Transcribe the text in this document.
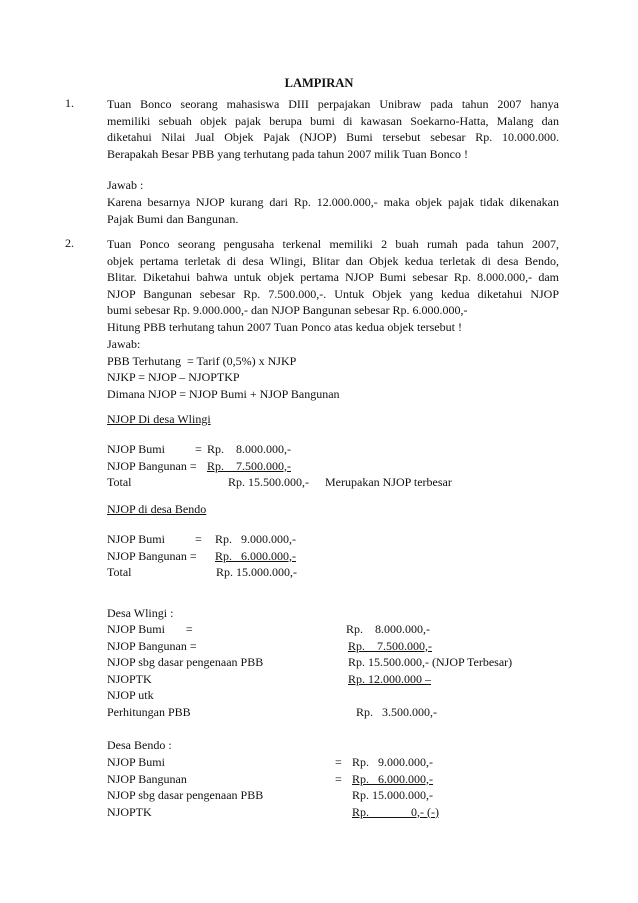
LAMPIRAN
1.	Tuan Bonco seorang mahasiswa DIII perpajakan Unibraw pada tahun 2007 hanya

memiliki sebuah objek pajak berupa bumi di kawasan Soekarno-Hatta, Malang dan

diketahui Nilai Jual Objek Pajak (NJOP) Bumi tersebut sebesar Rp. 10.000.000.

Berapakah Besar PBB yang terhutang pada tahun 2007 milik Tuan Bonco !

Jawab :

Karena besarnya NJOP kurang dari Rp. 12.000.000,- maka objek pajak tidak dikenakan

Pajak Bumi dan Bangunan.

2.	Tuan Ponco seorang pengusaha terkenal memiliki 2 buah rumah pada tahun 2007,

objek pertama terletak di desa Wlingi, Blitar dan Objek kedua terletak di desa Bendo,

Blitar. Diketahui bahwa untuk objek pertama NJOP Bumi sebesar Rp. 8.000.000,- dam

NJOP Bangunan sebesar Rp. 7.500.000,-. Untuk Objek yang kedua diketahui NJOP

bumi sebesar Rp. 9.000.000,- dan NJOP Bangunan sebesar Rp. 6.000.000,-

Hitung PBB terhutang tahun 2007 Tuan Ponco atas kedua objek tersebut !

Jawab:

PBB Terhutang  = Tarif (0,5%) x NJKP

NJKP = NJOP – NJOPTKP

Dimana NJOP = NJOP Bumi + NJOP Bangunan

NJOP Di desa Wlingi

NJOP Bumi	= Rp.    8.000.000,-
NJOP Bangunan = Rp.    7.500.000,-
Total	Rp. 15.500.000,- Merupakan NJOP terbesar

NJOP di desa Bendo

NJOP Bumi	= Rp.   9.000.000,-
NJOP Bangunan = Rp.   6.000.000,-
Total	Rp. 15.000.000,-
Desa Wlingi :
NJOP Bumi       =	Rp.    8.000.000,-
NJOP Bangunan =	Rp.    7.500.000,-
NJOP sbg dasar pengenaan PBB	Rp. 15.500.000,- (NJOP Terbesar)
NJOPTK	Rp. 12.000.000 –
NJOP utk
Perhitungan PBB	Rp.   3.500.000,-
Desa Bendo :
NJOP Bumi	= Rp.   9.000.000,-
NJOP Bangunan	= Rp.   6.000.000,-
NJOP sbg dasar pengenaan PBB	Rp. 15.000.000,-
NJOPTK	Rp.              0,- (-)
